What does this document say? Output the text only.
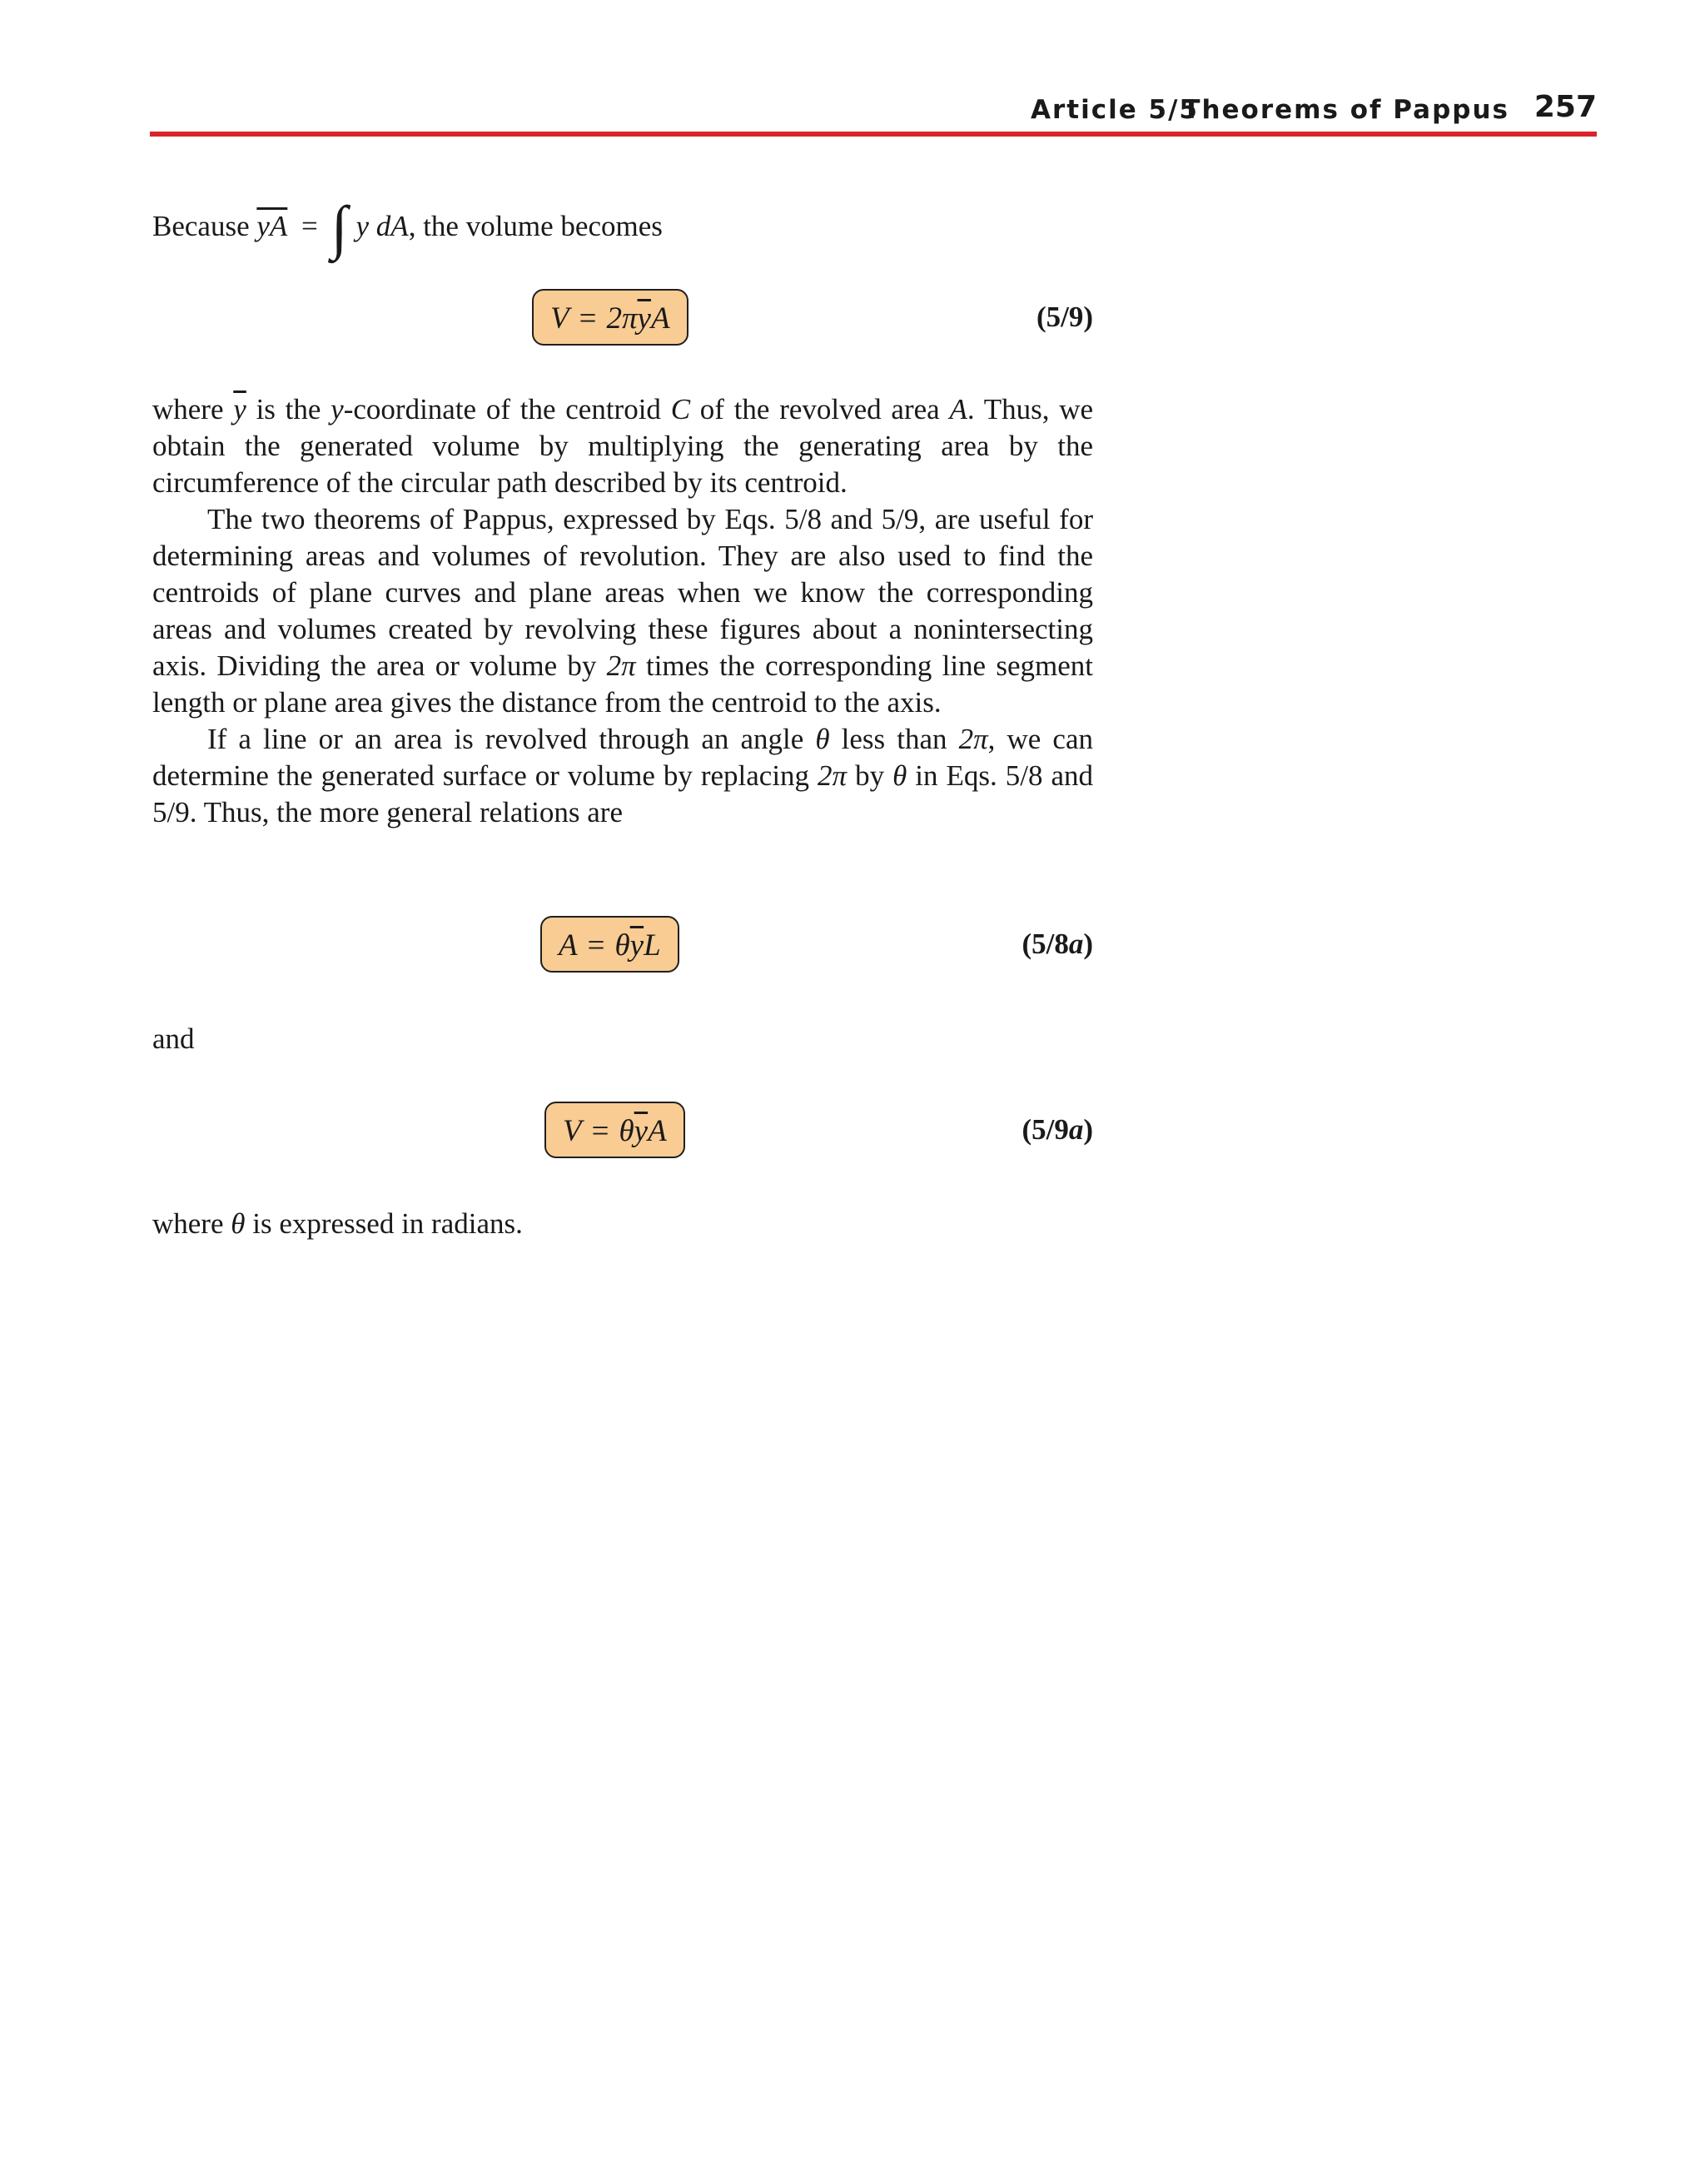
Article 5/5
Theorems of Pappus 257

Because $\overline{yA}$ = ∫ y dA, the volume becomes

$V = 2\pi\overline{y}A$	(5/9)

where $\overline{y}$ is the y-coordinate of the centroid C of the revolved area A. Thus, we obtain the generated volume by multiplying the generating area by the circumference of the circular path described by its centroid.

The two theorems of Pappus, expressed by Eqs. 5/8 and 5/9, are useful for determining areas and volumes of revolution. They are also used to find the centroids of plane curves and plane areas when we know the corresponding areas and volumes created by revolving these figures about a nonintersecting axis. Dividing the area or volume by 2π times the corresponding line segment length or plane area gives the distance from the centroid to the axis.

If a line or an area is revolved through an angle θ less than 2π, we can determine the generated surface or volume by replacing 2π by θ in Eqs. 5/8 and 5/9. Thus, the more general relations are

$A = \theta\overline{y}L$	(5/8a)

and

$V = \theta\overline{y}A$	(5/9a)

where θ is expressed in radians.
